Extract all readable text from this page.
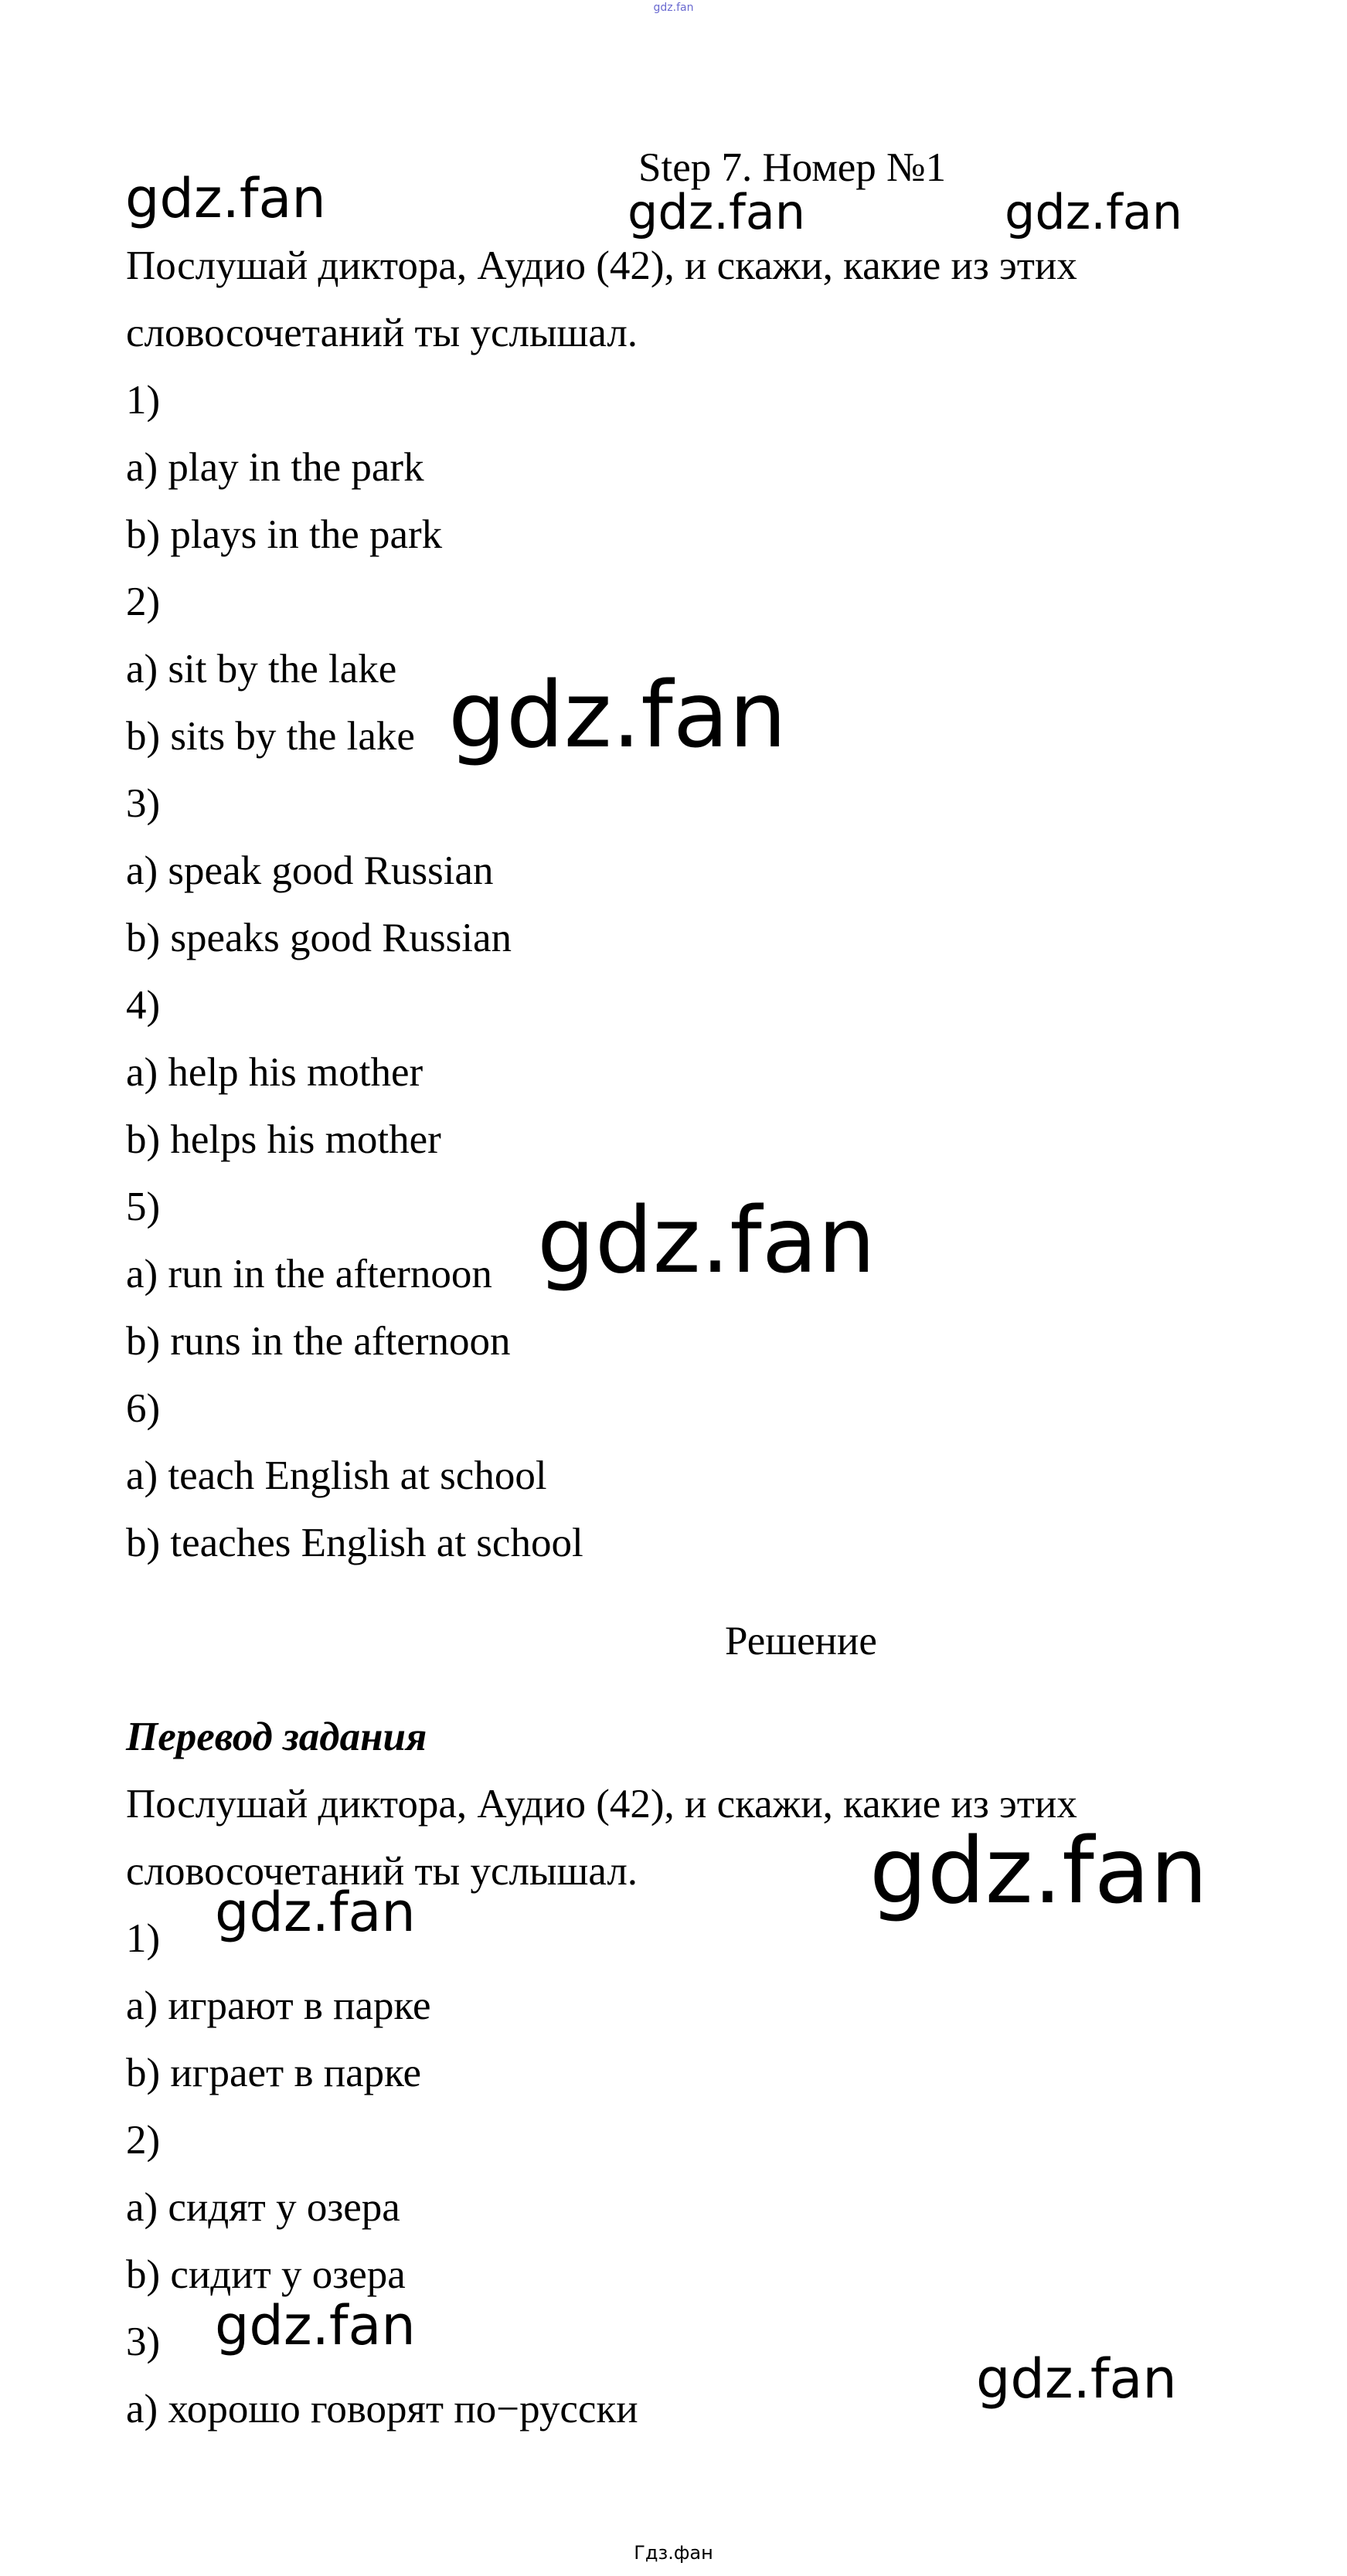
gdz.fan
Step 7. Номер №1
Послушай диктора, Аудио (42), и скажи, какие из этих
словосочетаний ты услышал.
1)
a) play in the park
b) plays in the park
2)
a) sit by the lake
b) sits by the lake
3)
a) speak good Russian
b) speaks good Russian
4)
a) help his mother
b) helps his mother
5)
a) run in the afternoon
b) runs in the afternoon
6)
a) teach English at school
b) teaches English at school
Решение
Перевод задания
Послушай диктора, Аудио (42), и скажи, какие из этих
словосочетаний ты услышал.
1)
a) играют в парке
b) играет в парке
2)
a) сидят у озера
b) сидит у озера
3)
a) хорошо говорят по−русски
gdz.fan	gdz.fan	gdz.fan
gdz.fan
gdz.fan
gdz.fan
gdz.fan
gdz.fan
gdz.fan
Гдз.фан
